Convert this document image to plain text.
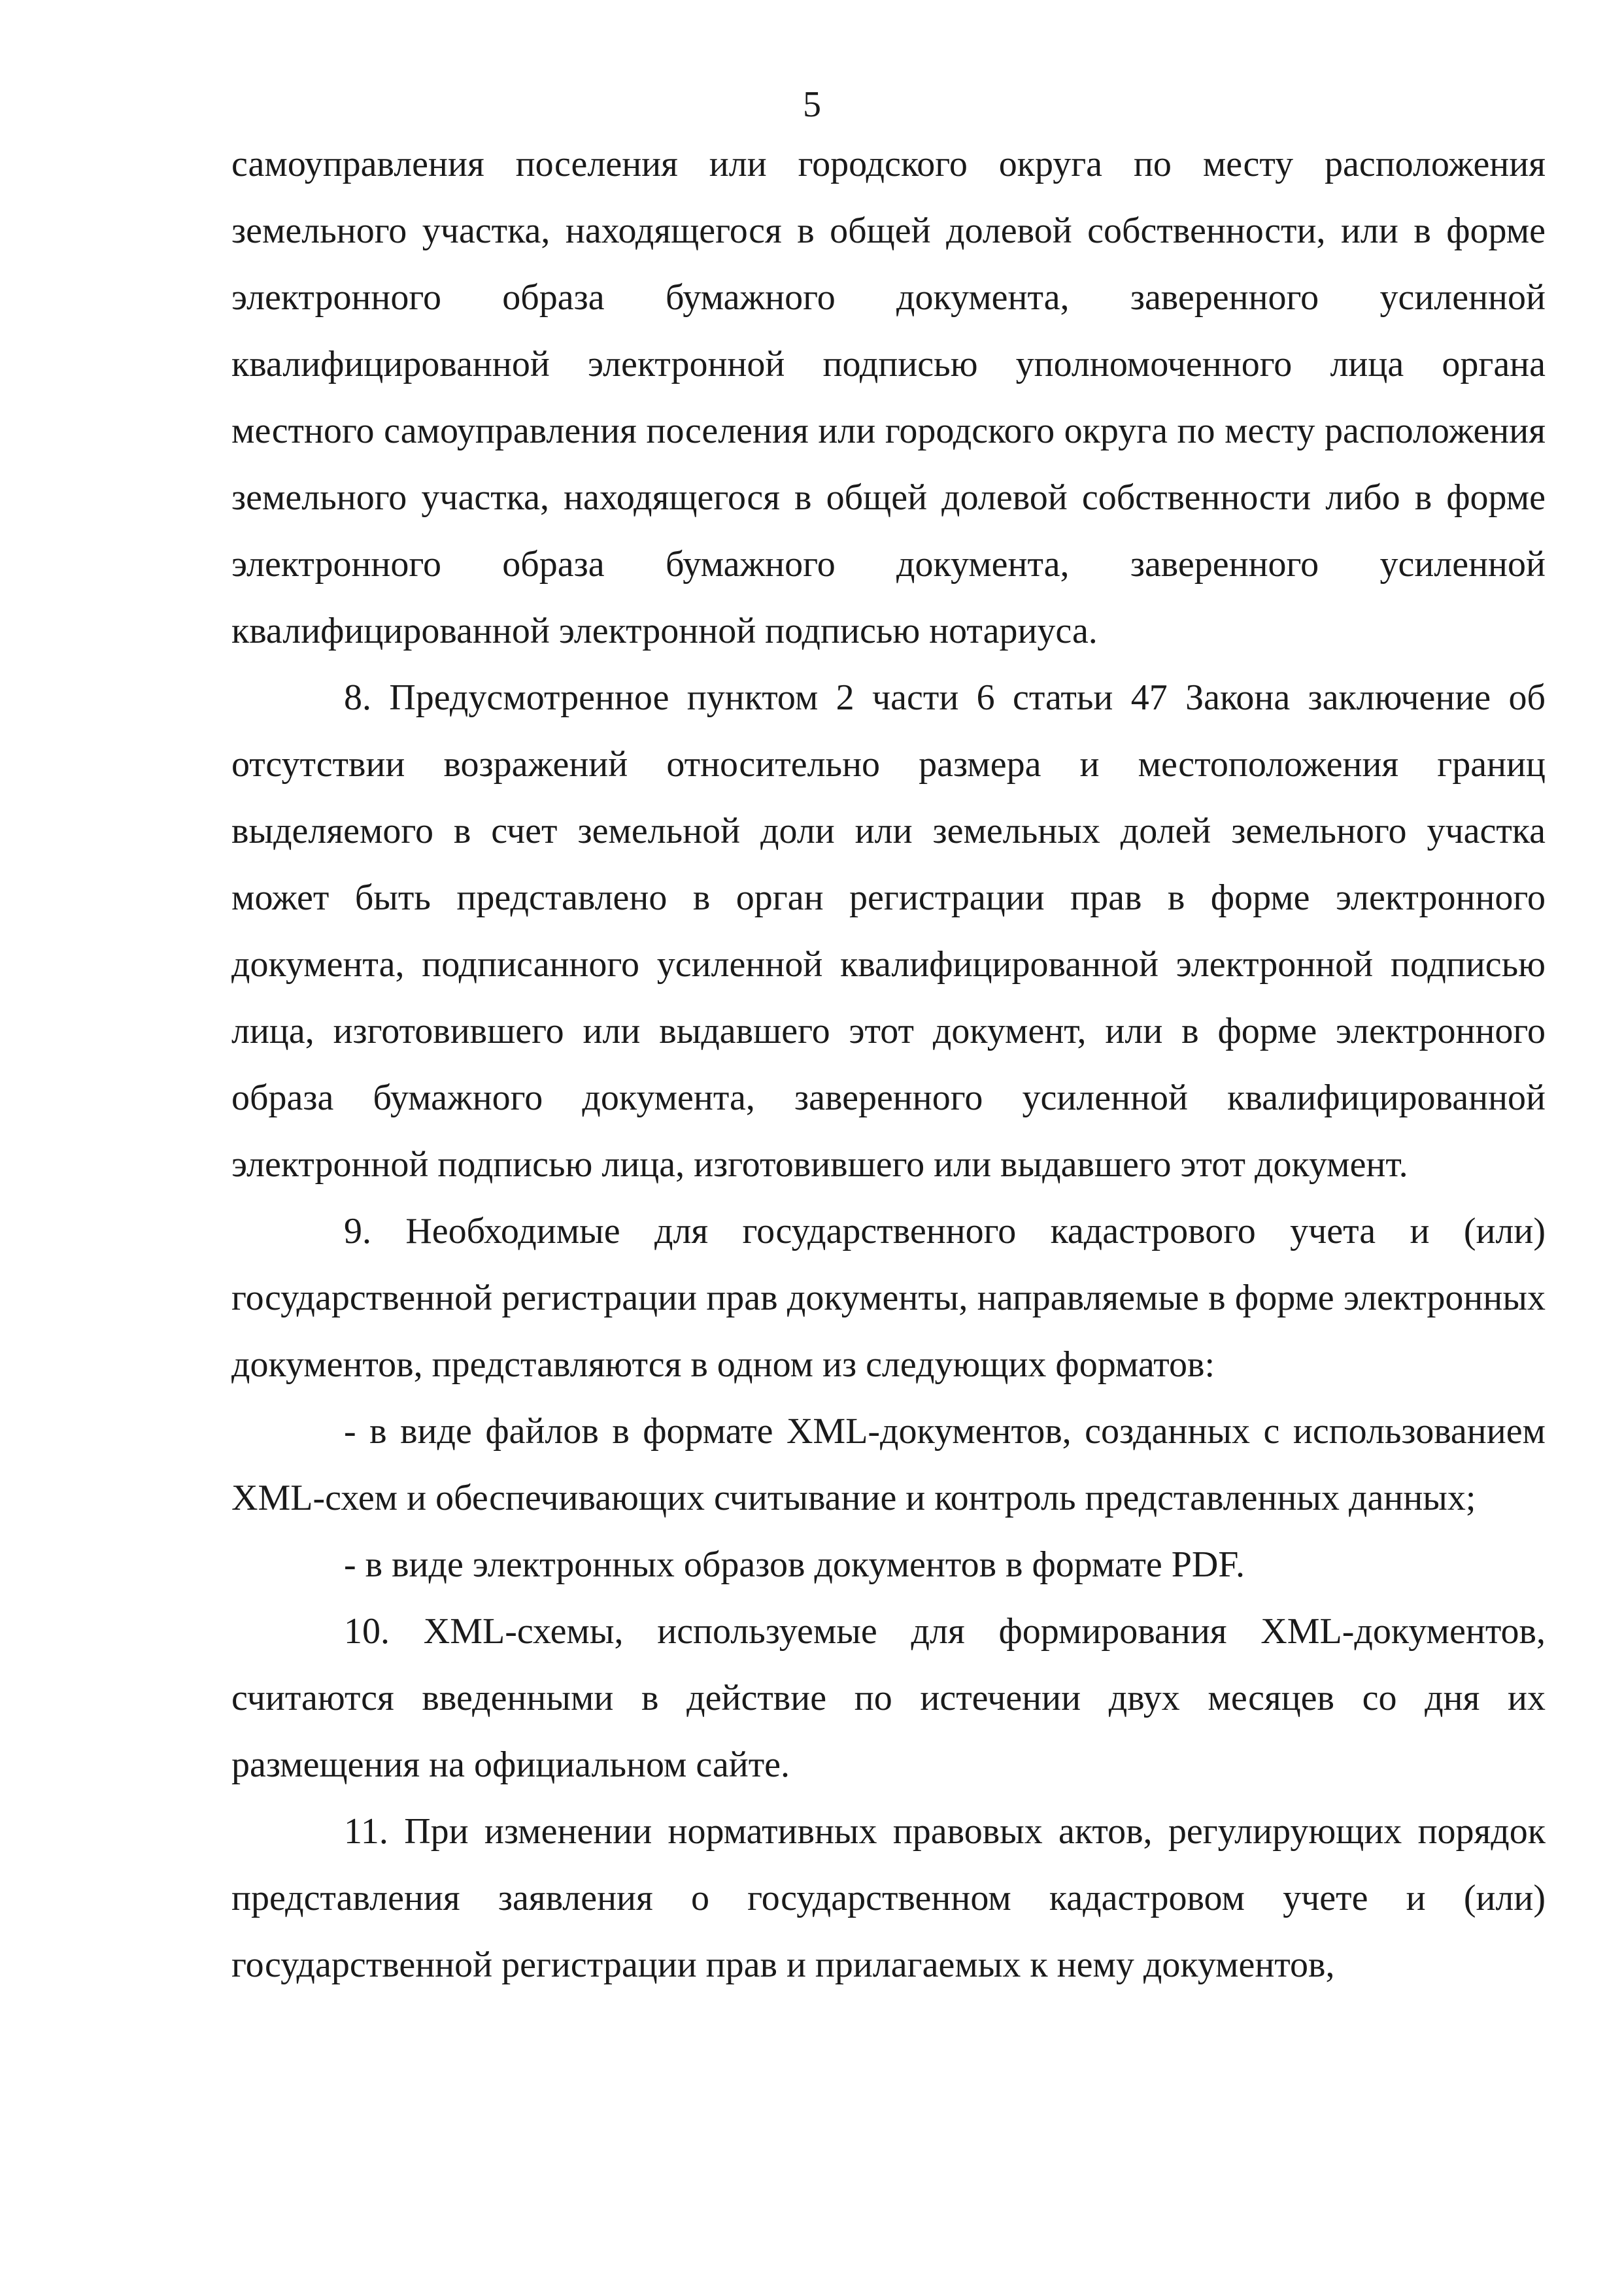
5

самоуправления поселения или городского округа по месту расположения земельного участка, находящегося в общей долевой собственности, или в форме электронного образа бумажного документа, заверенного усиленной квалифицированной электронной подписью уполномоченного лица органа местного самоуправления поселения или городского округа по месту расположения земельного участка, находящегося в общей долевой собственности либо в форме электронного образа бумажного документа, заверенного усиленной квалифицированной электронной подписью нотариуса.

8. Предусмотренное пунктом 2 части 6 статьи 47 Закона заключение об отсутствии возражений относительно размера и местоположения границ выделяемого в счет земельной доли или земельных долей земельного участка может быть представлено в орган регистрации прав в форме электронного документа, подписанного усиленной квалифицированной электронной подписью лица, изготовившего или выдавшего этот документ, или в форме электронного образа бумажного документа, заверенного усиленной квалифицированной электронной подписью лица, изготовившего или выдавшего этот документ.

9. Необходимые для государственного кадастрового учета и (или) государственной регистрации прав документы, направляемые в форме электронных документов, представляются в одном из следующих форматов:

- в виде файлов в формате XML-документов, созданных с использованием XML-схем и обеспечивающих считывание и контроль представленных данных;

- в виде электронных образов документов в формате PDF.

10. XML-схемы, используемые для формирования XML-документов, считаются введенными в действие по истечении двух месяцев со дня их размещения на официальном сайте.

11. При изменении нормативных правовых актов, регулирующих порядок представления заявления о государственном кадастровом учете и (или) государственной регистрации прав и прилагаемых к нему документов,
